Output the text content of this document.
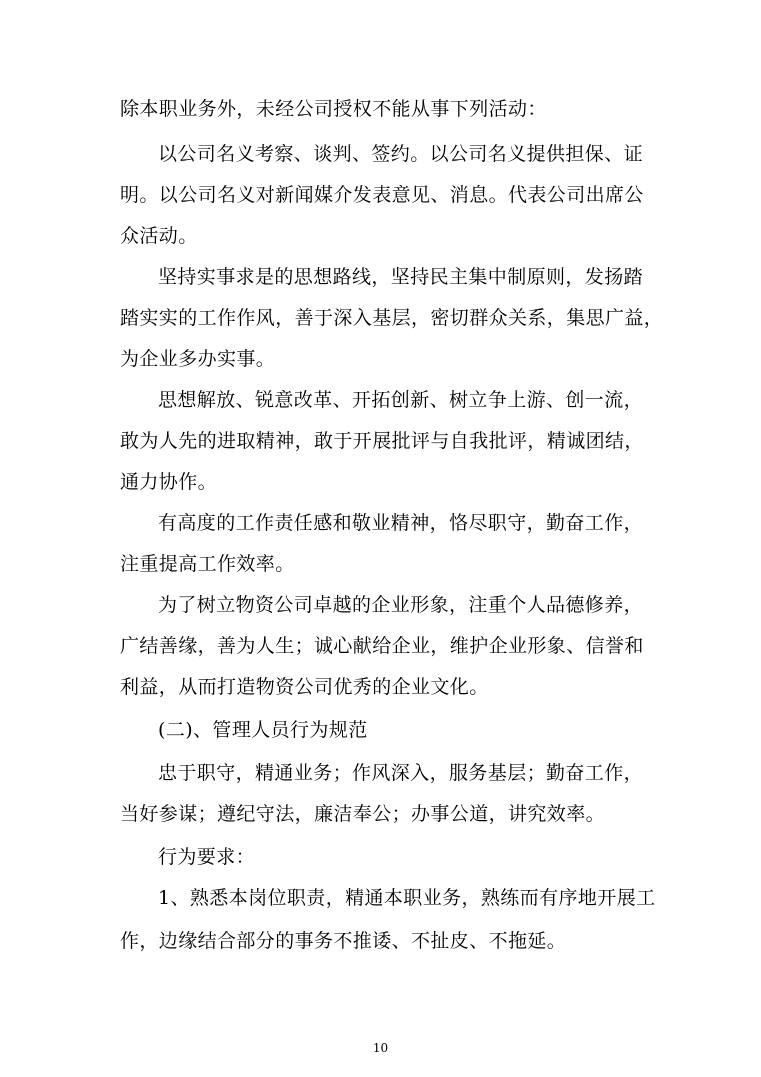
除本职业务外，未经公司授权不能从事下列活动：
以公司名义考察、谈判、签约。以公司名义提供担保、证
明。以公司名义对新闻媒介发表意见、消息。代表公司出席公
众活动。
坚持实事求是的思想路线，坚持民主集中制原则，发扬踏
踏实实的工作作风，善于深入基层，密切群众关系，集思广益，
为企业多办实事。
思想解放、锐意改革、开拓创新、树立争上游、创一流，
敢为人先的进取精神，敢于开展批评与自我批评，精诚团结，
通力协作。
有高度的工作责任感和敬业精神，恪尽职守，勤奋工作，
注重提高工作效率。
为了树立物资公司卓越的企业形象，注重个人品德修养，
广结善缘，善为人生；诚心献给企业，维护企业形象、信誉和
利益，从而打造物资公司优秀的企业文化。
(二)、管理人员行为规范
忠于职守，精通业务；作风深入，服务基层；勤奋工作，
当好参谋；遵纪守法，廉洁奉公；办事公道，讲究效率。
行为要求：
1、熟悉本岗位职责，精通本职业务，熟练而有序地开展工
作，边缘结合部分的事务不推诿、不扯皮、不拖延。
10
